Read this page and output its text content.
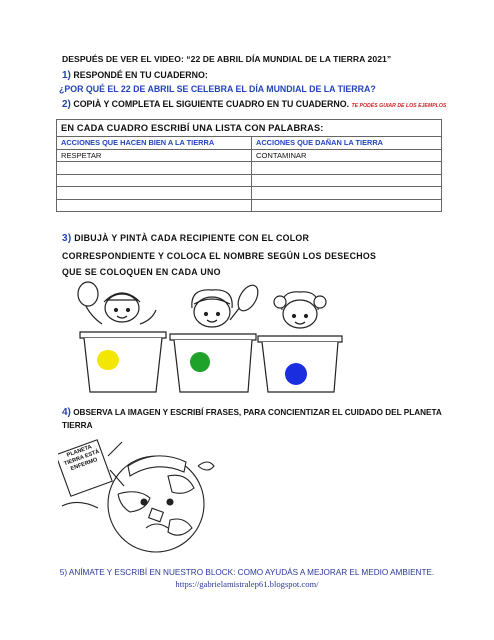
DESPUÉS DE VER EL VIDEO: “22 DE ABRIL DÍA MUNDIAL DE LA TIERRA 2021”
1) RESPONDÉ EN TU CUADERNO:
¿POR QUÉ EL 22 DE ABRIL SE CELEBRA EL DÍA MUNDIAL DE LA TIERRA?
2) COPIÀ Y COMPLETA EL SIGUIENTE CUADRO EN TU CUADERNO. TE PODÉS GUIAR DE LOS EJEMPLOS
EN CADA CUADRO ESCRIBÍ UNA LISTA CON PALABRAS:	
ACCIONES QUE HACEN BIEN A LA TIERRA	ACCIONES QUE DAÑAN LA TIERRA
RESPETAR	CONTAMINAR

3) DIBUJÀ Y PINTÀ CADA RECIPIENTE CON EL COLOR
CORRESPONDIENTE Y COLOCA EL NOMBRE SEGÚN LOS DESECHOS
QUE SE COLOQUEN EN CADA UNO
4) OBSERVA LA IMAGEN Y ESCRIBÍ FRASES, PARA CONCIENTIZAR EL CUIDADO DEL PLANETA
TIERRA
PLANETA TIERRA ESTÁ ENFERMO
5) ANÍMATE Y ESCRIBÍ EN NUESTRO BLOCK: COMO AYUDÁS A MEJORAR EL MEDIO AMBIENTE.
https://gabrielamistralep61.blogspot.com/
